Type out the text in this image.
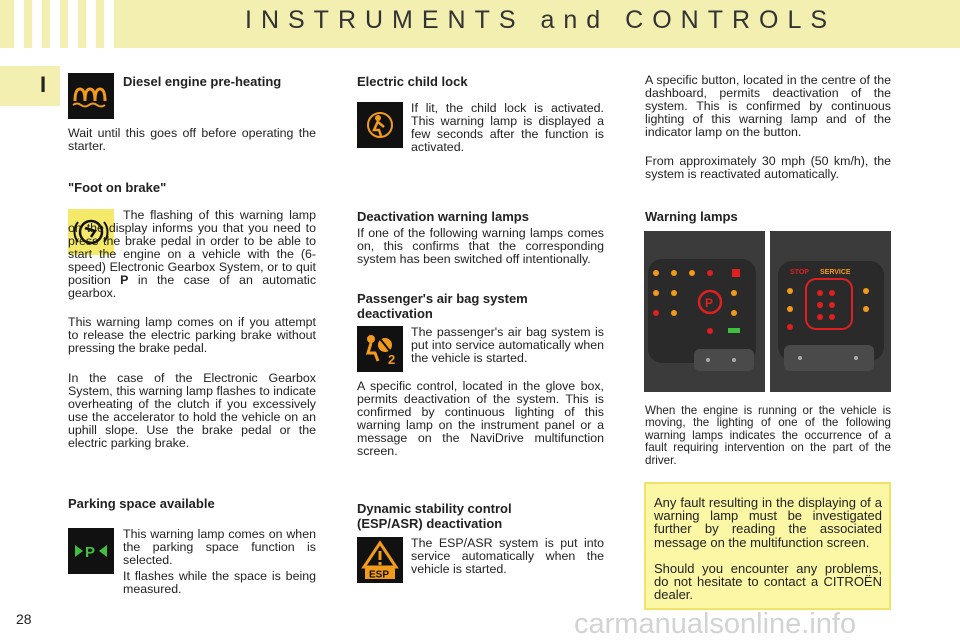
INSTRUMENTS and CONTROLS
I	Diesel engine pre-heating

Wait until this goes off before operating the starter.

"Foot on brake"

The flashing of this warning lamp on the display informs you that you need to press the brake pedal in order to be able to start the engine on a vehicle with the (6-speed) Electronic Gearbox System, or to quit position P in the case of an automatic gearbox.

This warning lamp comes on if you attempt to release the electric parking brake without pressing the brake pedal.

In the case of the Electronic Gearbox System, this warning lamp flashes to indicate overheating of the clutch if you excessively use the accelerator to hold the vehicle on an uphill slope. Use the brake pedal or the electric parking brake.

Parking space available
P

This warning lamp comes on when the parking space function is selected.

It flashes while the space is being measured.

Electric child lock

If lit, the child lock is activated. This warning lamp is displayed a few seconds after the function is activated.

Deactivation warning lamps

If one of the following warning lamps comes on, this confirms that the corresponding system has been switched off intentionally.

Passenger's air bag system deactivation
2

The passenger's air bag system is put into service automatically when the vehicle is started.

A specific control, located in the glove box, permits deactivation of the system. This is confirmed by continuous lighting of this warning lamp on the instrument panel or a message on the NaviDrive multifunction screen.

Dynamic stability control (ESP/ASR) deactivation
ESP

The ESP/ASR system is put into service automatically when the vehicle is started.

A specific button, located in the centre of the dashboard, permits deactivation of the system. This is confirmed by continuous lighting of this warning lamp and of the indicator lamp on the button.

From approximately 30 mph (50 km/h), the system is reactivated automatically.

Warning lamps
P
STOP SERVICE

When the engine is running or the vehicle is moving, the lighting of one of the following warning lamps indicates the occurrence of a fault requiring intervention on the part of the driver.

Any fault resulting in the displaying of a warning lamp must be investigated further by reading the associated message on the multifunction screen.

Should you encounter any problems, do not hesitate to contact a CITROËN dealer.

28	carmanualsonline.info
